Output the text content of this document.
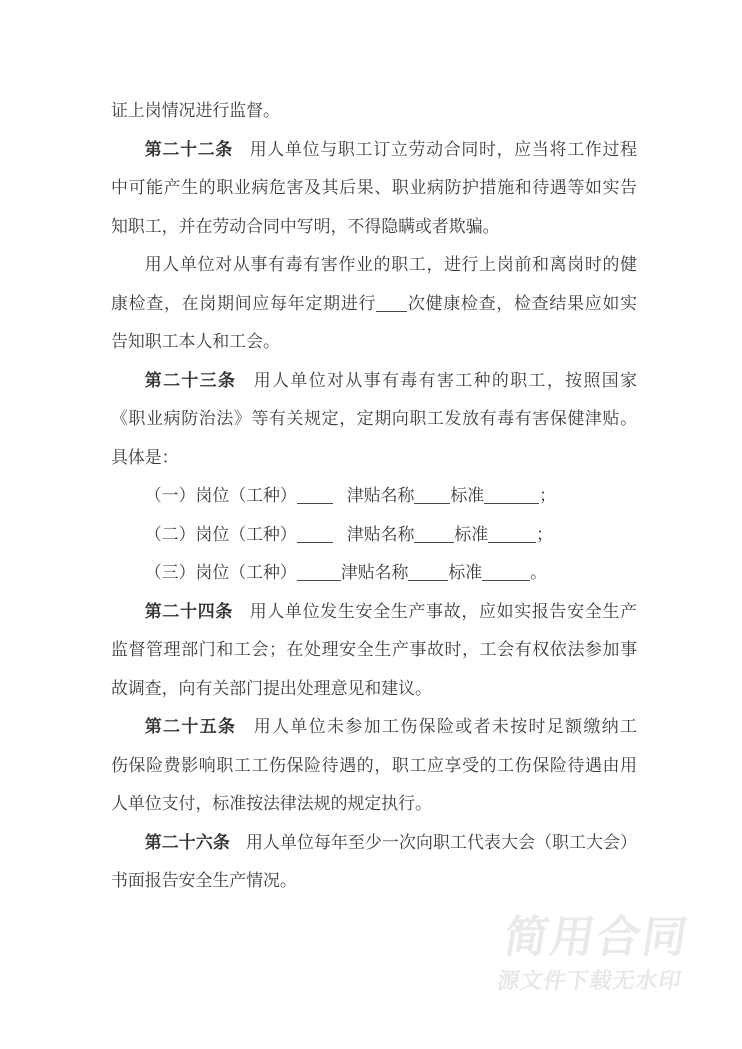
证上岗情况进行监督。
第二十二条 用人单位与职工订立劳动合同时，应当将工作过程
中可能产生的职业病危害及其后果、职业病防护措施和待遇等如实告
知职工，并在劳动合同中写明，不得隐瞒或者欺骗。
用人单位对从事有毒有害作业的职工，进行上岗前和离岗时的健
康检查，在岗期间应每年定期进行 次健康检查，检查结果应如实
告知职工本人和工会。
第二十三条 用人单位对从事有毒有害工种的职工，按照国家
《职业病防治法》等有关规定，定期向职工发放有毒有害保健津贴。
具体是：
（一）岗位（工种）	津贴名称 标准	；
（二）岗位（工种）	津贴名称 标准	；
（三）岗位（工种）	津贴名称 标准	。
第二十四条 用人单位发生安全生产事故，应如实报告安全生产
监督管理部门和工会；在处理安全生产事故时，工会有权依法参加事
故调查，向有关部门提出处理意见和建议。
第二十五条 用人单位未参加工伤保险或者未按时足额缴纳工
伤保险费影响职工工伤保险待遇的，职工应享受的工伤保险待遇由用
人单位支付，标准按法律法规的规定执行。
第二十六条 用人单位每年至少一次向职工代表大会（职工大会）
书面报告安全生产情况。
简用合同
源文件下载无水印
